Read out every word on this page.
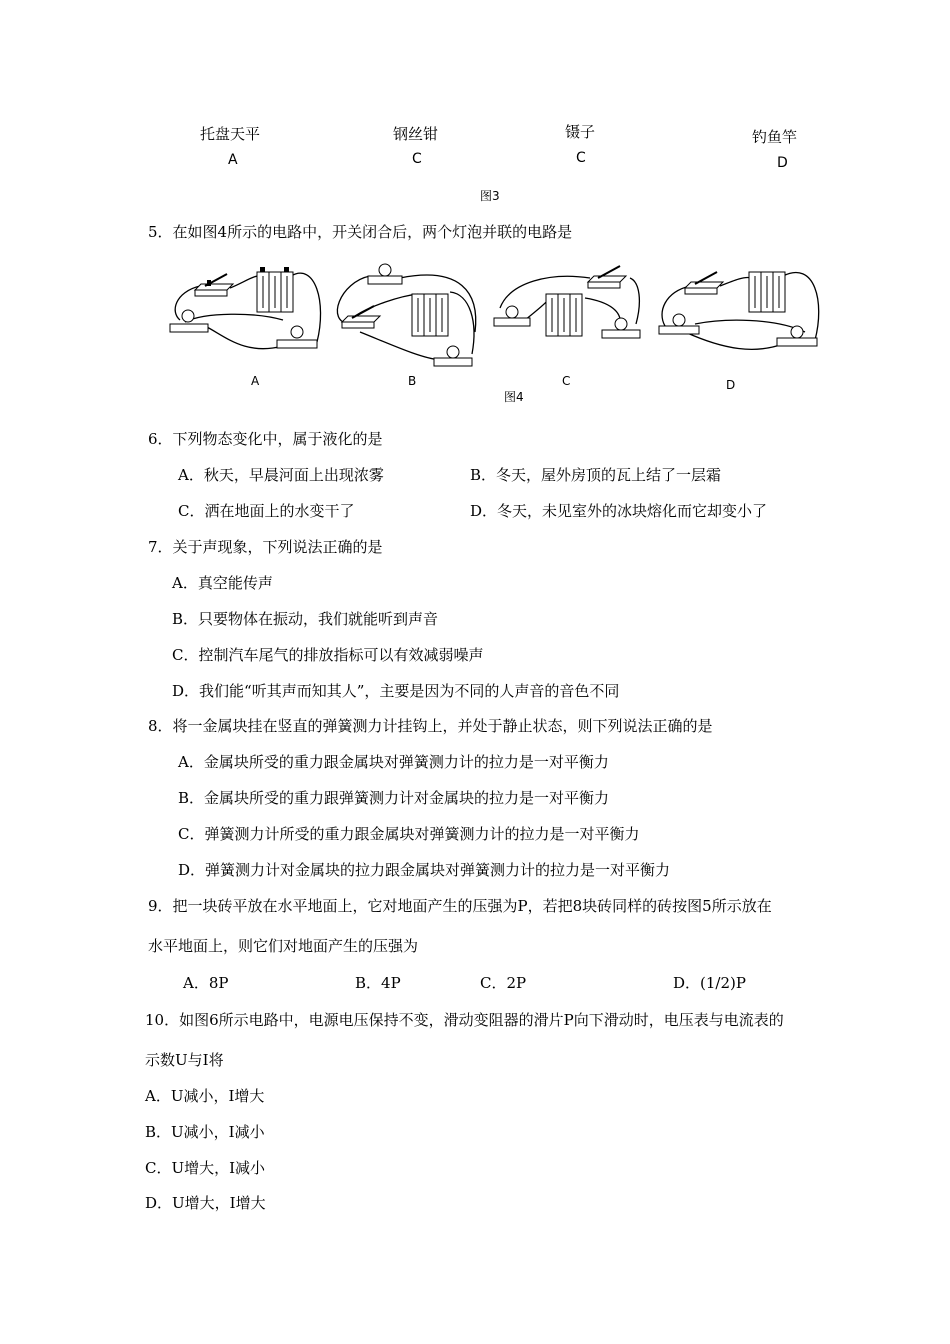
托盘天平
A
钢丝钳
C
镊子
C
钓鱼竿
D
图3
5．在如图4所示的电路中，开关闭合后，两个灯泡并联的电路是
A	B	C	D
图4
6．下列物态变化中，属于液化的是
A．秋天，早晨河面上出现浓雾	B．冬天，屋外房顶的瓦上结了一层霜
C．洒在地面上的水变干了	D．冬天，未见室外的冰块熔化而它却变小了
7．关于声现象，下列说法正确的是
A．真空能传声
B．只要物体在振动，我们就能听到声音
C．控制汽车尾气的排放指标可以有效减弱噪声
D．我们能“听其声而知其人”，主要是因为不同的人声音的音色不同
8．将一金属块挂在竖直的弹簧测力计挂钩上，并处于静止状态，则下列说法正确的是
A．金属块所受的重力跟金属块对弹簧测力计的拉力是一对平衡力
B．金属块所受的重力跟弹簧测力计对金属块的拉力是一对平衡力
C．弹簧测力计所受的重力跟金属块对弹簧测力计的拉力是一对平衡力
D．弹簧测力计对金属块的拉力跟金属块对弹簧测力计的拉力是一对平衡力
9．把一块砖平放在水平地面上，它对地面产生的压强为P，若把8块砖同样的砖按图5所示放在
水平地面上，则它们对地面产生的压强为
A．8P	B．4P	C．2P	D．(1/2)P
10．如图6所示电路中，电源电压保持不变，滑动变阻器的滑片P向下滑动时，电压表与电流表的
示数U与I将
A．U减小，I增大
B．U减小，I减小
C．U增大，I减小
D．U增大，I增大
